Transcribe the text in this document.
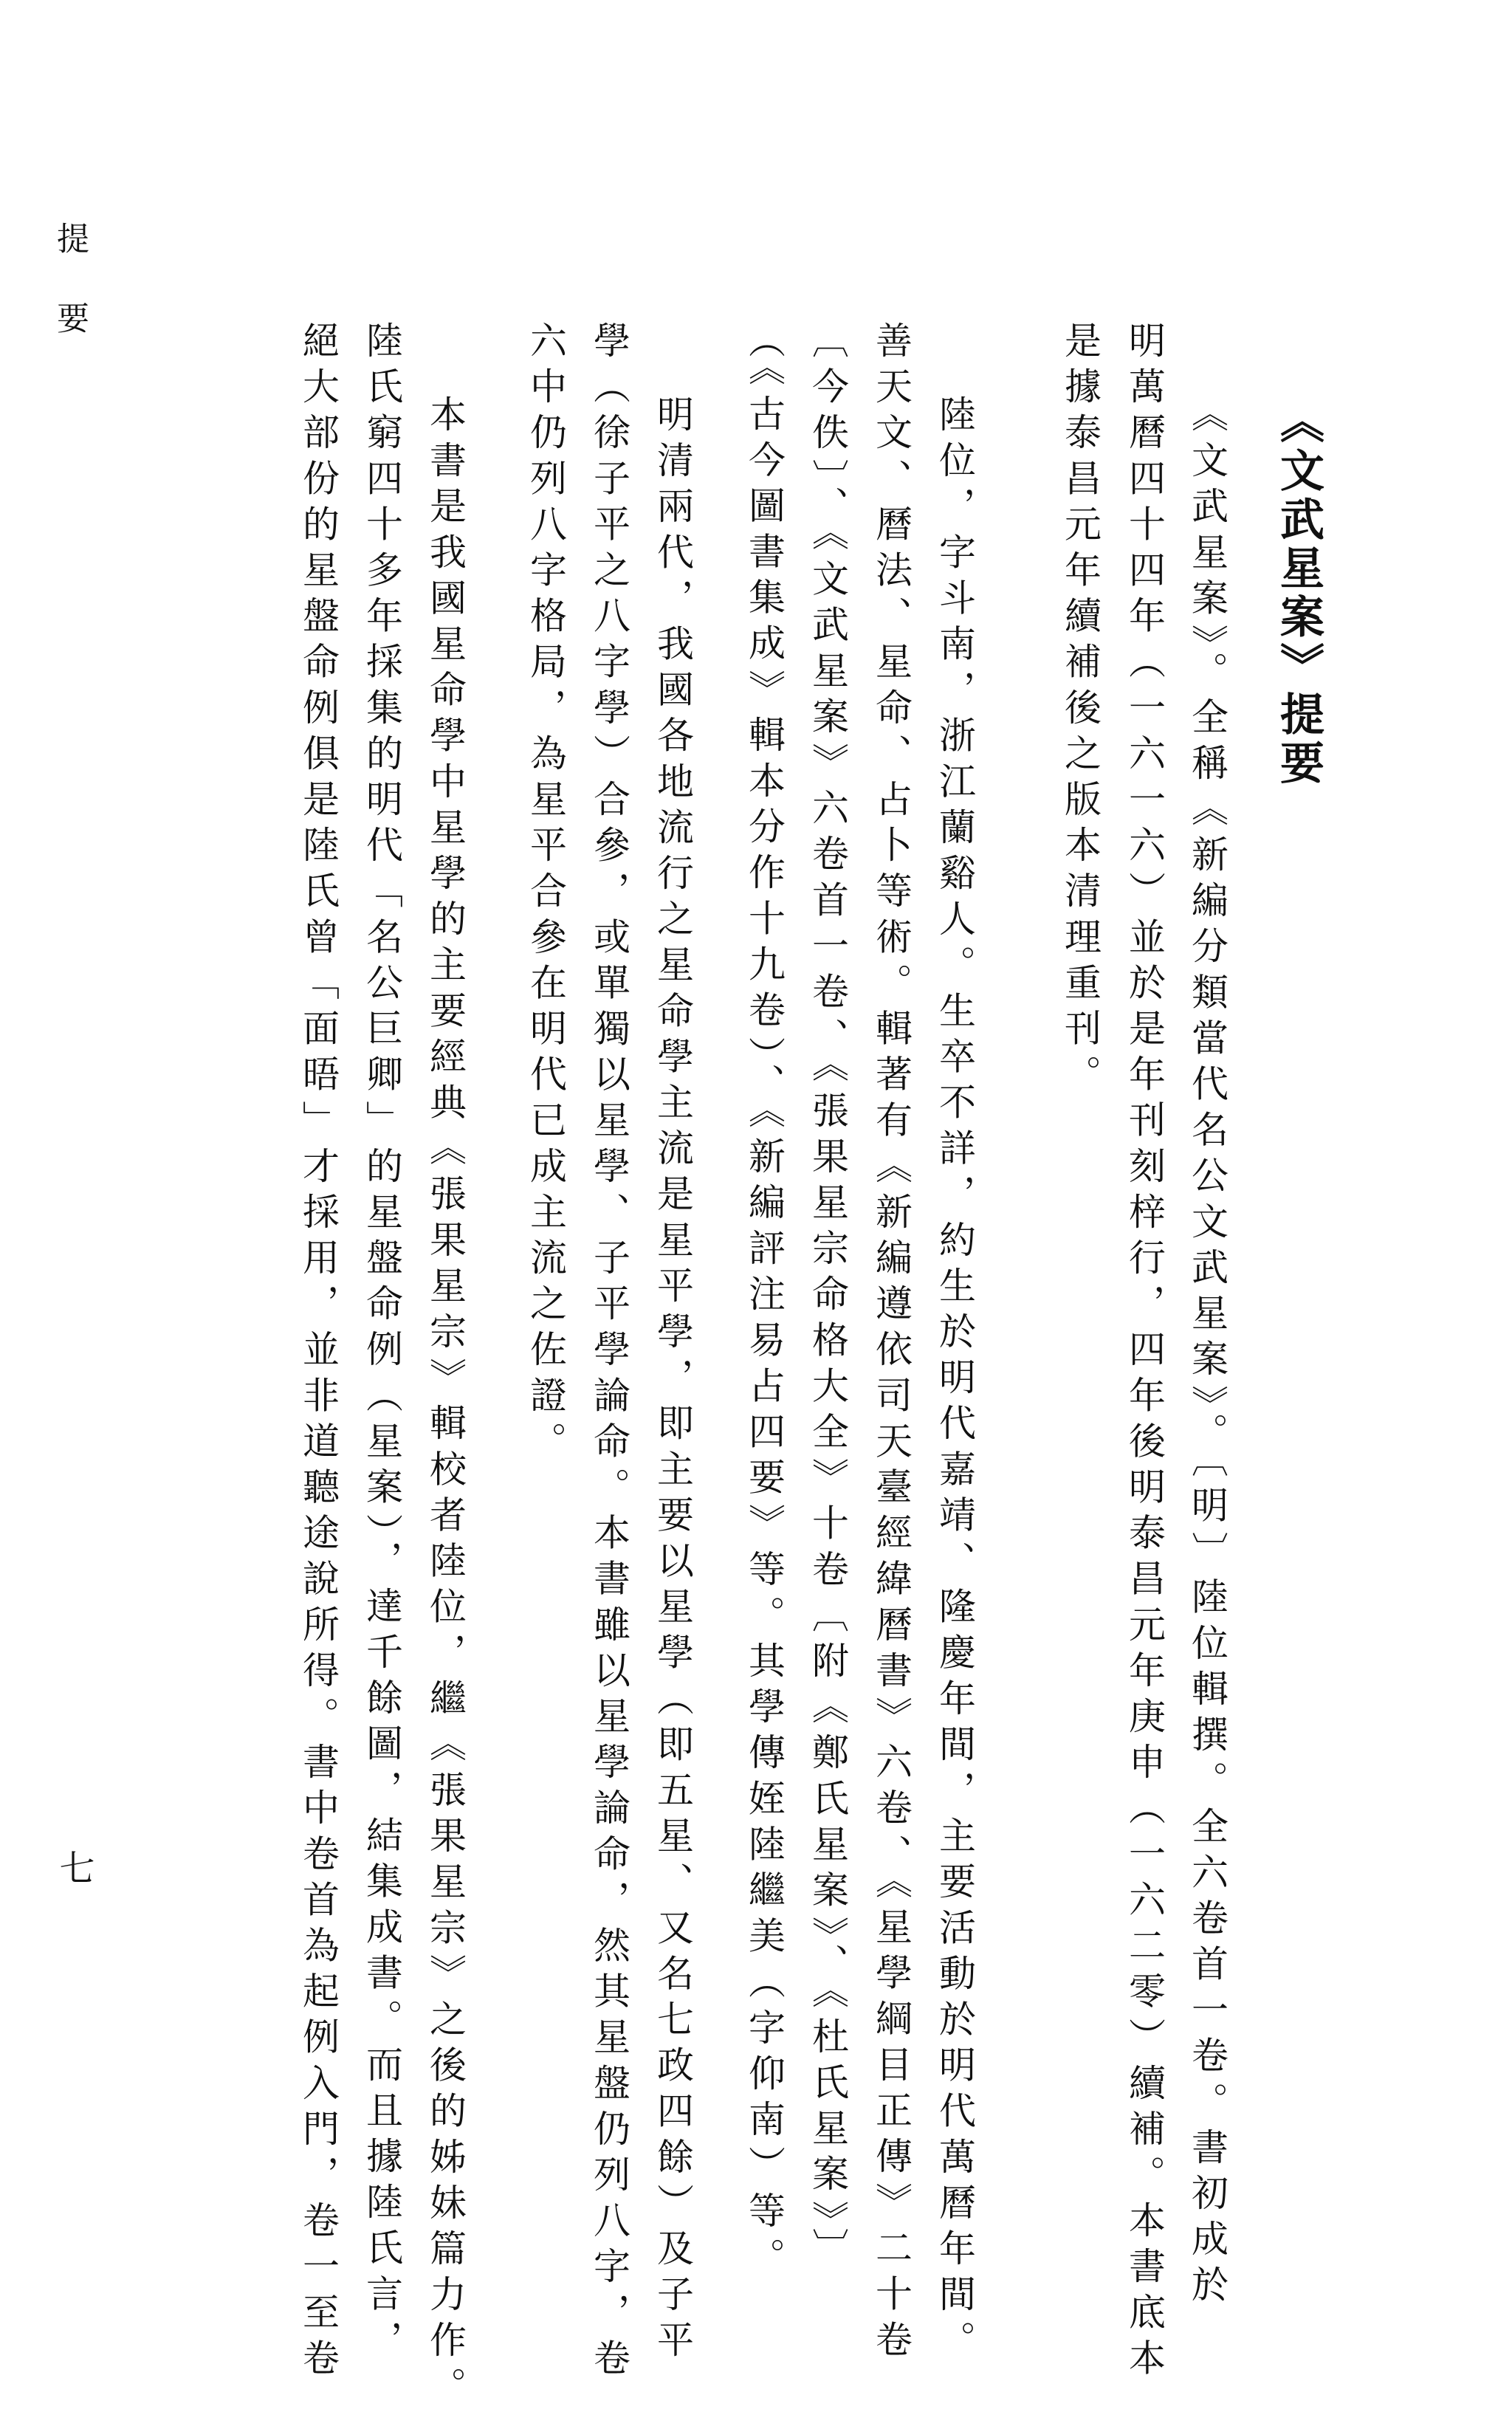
提要
七
《文武星案》提要
《文武星案》。全稱《新編分類當代名公文武星案》。〔明〕陸位輯撰。全六卷首一卷。書初成於
明萬曆四十四年（一六一六）並於是年刊刻梓行，四年後明泰昌元年庚申（一六二零）續補。本書底本
是據泰昌元年續補後之版本清理重刊。
陸位，字斗南，浙江蘭谿人。生卒不詳，約生於明代嘉靖、隆慶年間，主要活動於明代萬曆年間。
善天文、曆法、星命、占卜等術。輯著有《新編遵依司天臺經緯曆書》六卷、《星學綱目正傳》二十卷
〔今佚〕、《文武星案》六卷首一卷、《張果星宗命格大全》十卷〔附《鄭氏星案》、《杜氏星案》〕
（《古今圖書集成》輯本分作十九卷）、《新編評注易占四要》等。其學傳姪陸繼美（字仰南）等。
明清兩代，我國各地流行之星命學主流是星平學，即主要以星學（即五星、又名七政四餘）及子平
學（徐子平之八字學）合參，或單獨以星學、子平學論命。本書雖以星學論命，然其星盤仍列八字，卷
六中仍列八字格局，為星平合參在明代已成主流之佐證。
本書是我國星命學中星學的主要經典《張果星宗》輯校者陸位，繼《張果星宗》之後的姊妹篇力作。
陸氏窮四十多年採集的明代「名公巨卿」的星盤命例（星案），達千餘圖，結集成書。而且據陸氏言，
絕大部份的星盤命例俱是陸氏曾「面晤」才採用，並非道聽途說所得。書中卷首為起例入門，卷一至卷
